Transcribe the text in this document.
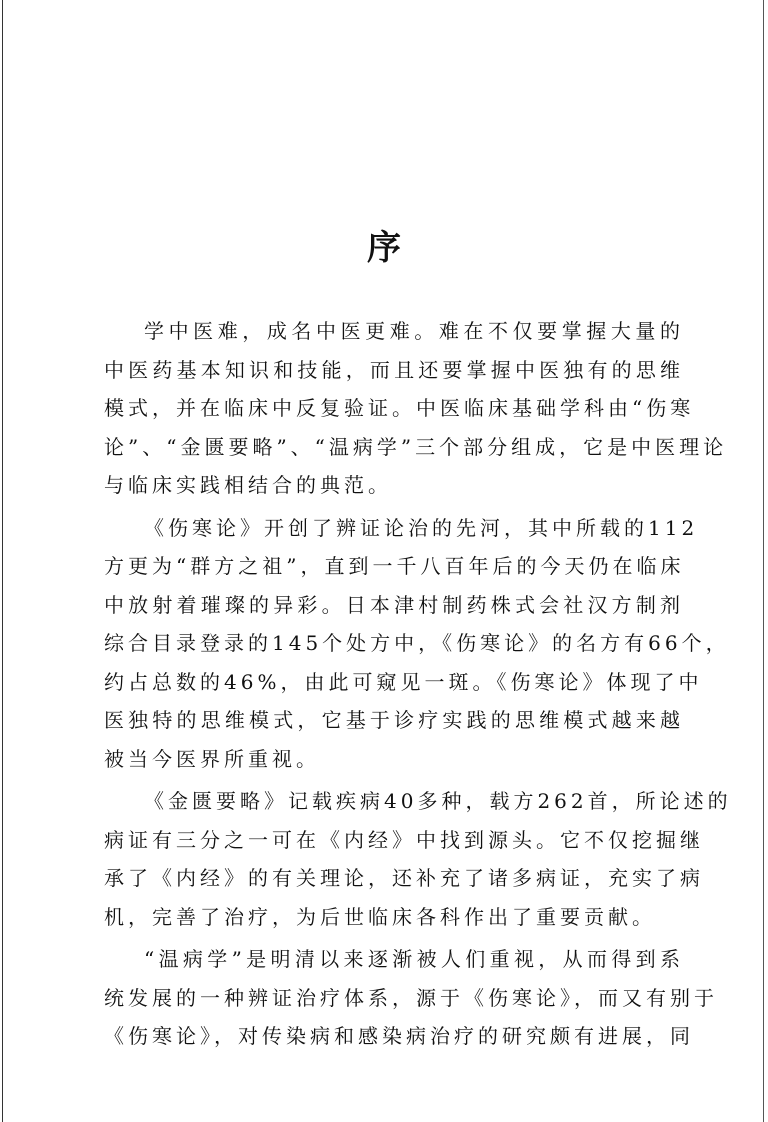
序
学中医难，成名中医更难。难在不仅要掌握大量的
中医药基本知识和技能，而且还要掌握中医独有的思维
模式，并在临床中反复验证。中医临床基础学科由“伤寒
论”、“金匮要略”、“温病学”三个部分组成，它是中医理论
与临床实践相结合的典范。
《伤寒论》开创了辨证论治的先河，其中所载的112
方更为“群方之祖”，直到一千八百年后的今天仍在临床
中放射着璀璨的异彩。日本津村制药株式会社汉方制剂
综合目录登录的145个处方中，《伤寒论》的名方有66个，
约占总数的46%，由此可窥见一斑。《伤寒论》体现了中
医独特的思维模式，它基于诊疗实践的思维模式越来越
被当今医界所重视。
《金匮要略》记载疾病40多种，载方262首，所论述的
病证有三分之一可在《内经》中找到源头。它不仅挖掘继
承了《内经》的有关理论，还补充了诸多病证，充实了病
机，完善了治疗，为后世临床各科作出了重要贡献。
“温病学”是明清以来逐渐被人们重视，从而得到系
统发展的一种辨证治疗体系，源于《伤寒论》，而又有别于
《伤寒论》，对传染病和感染病治疗的研究颇有进展，同
